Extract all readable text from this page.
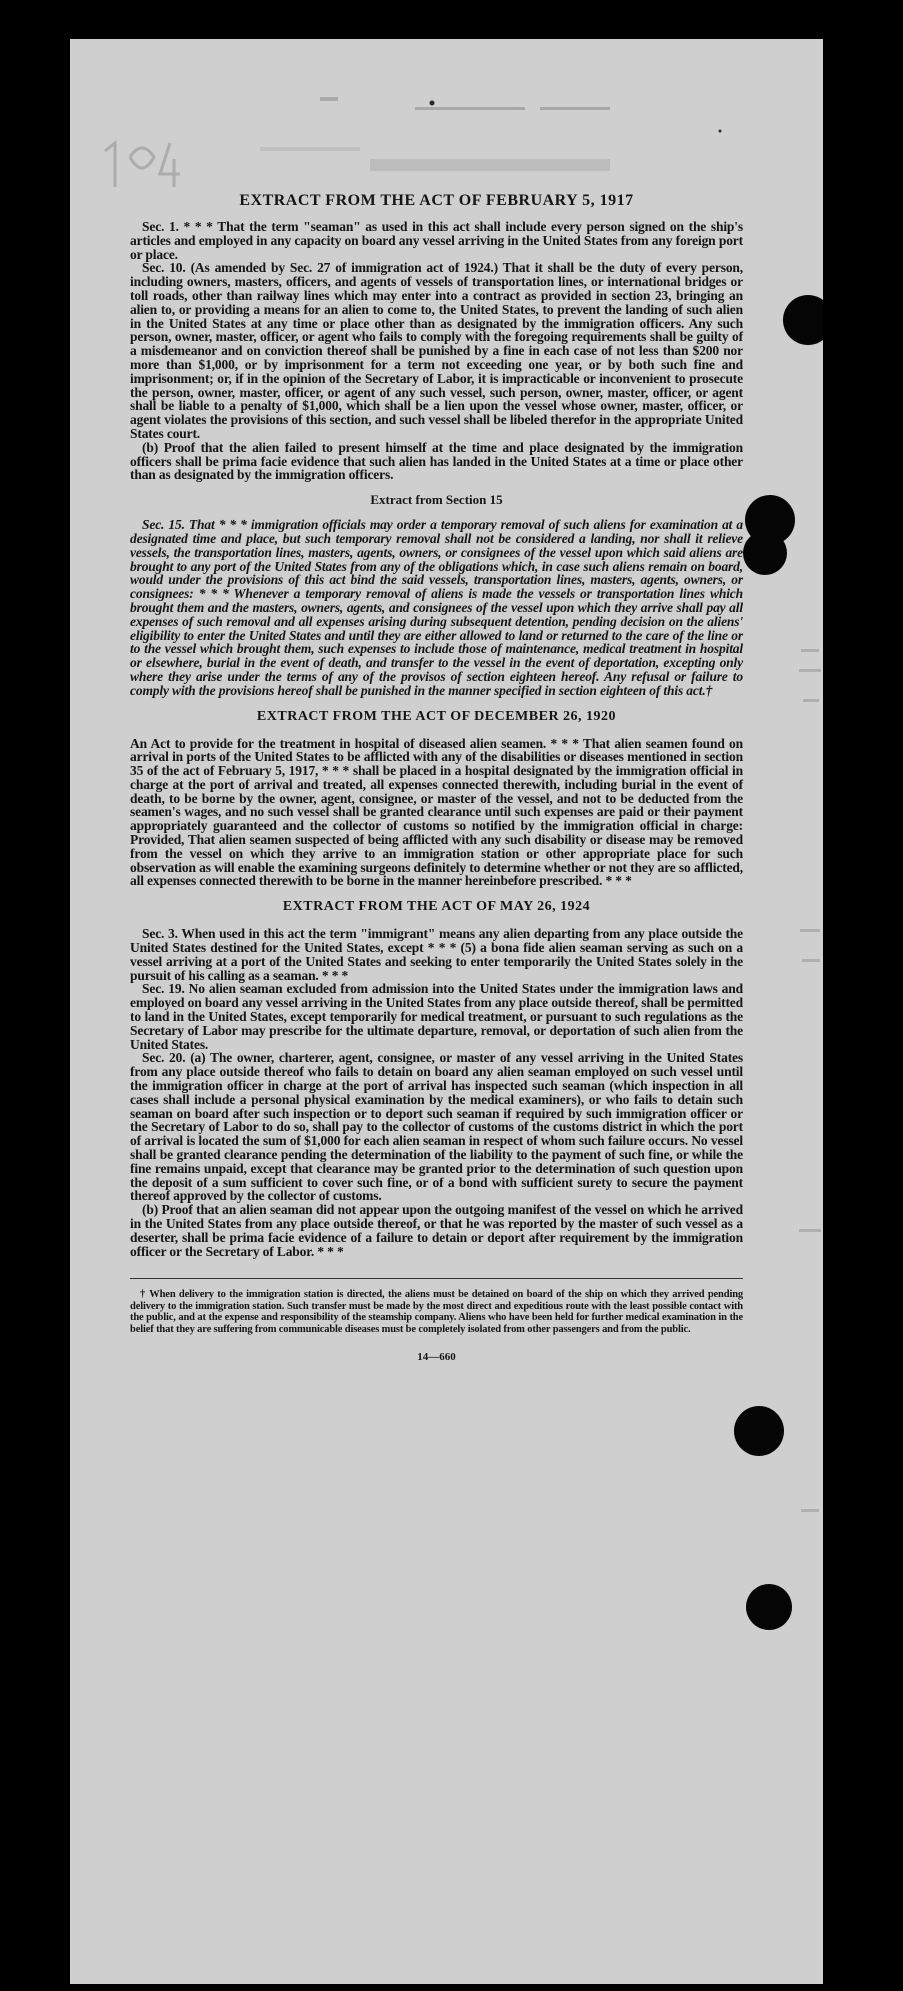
EXTRACT FROM THE ACT OF FEBRUARY 5, 1917

Sec. 1. * * * That the term "seaman" as used in this act shall include every person signed on the ship's articles and employed in any capacity on board any vessel arriving in the United States from any foreign port or place.

Sec. 10. (As amended by Sec. 27 of immigration act of 1924.) That it shall be the duty of every person, including owners, masters, officers, and agents of vessels of transportation lines, or international bridges or toll roads, other than railway lines which may enter into a contract as provided in section 23, bringing an alien to, or providing a means for an alien to come to, the United States, to prevent the landing of such alien in the United States at any time or place other than as designated by the immigration officers. Any such person, owner, master, officer, or agent who fails to comply with the foregoing requirements shall be guilty of a misdemeanor and on conviction thereof shall be punished by a fine in each case of not less than $200 nor more than $1,000, or by imprisonment for a term not exceeding one year, or by both such fine and imprisonment; or, if in the opinion of the Secretary of Labor, it is impracticable or inconvenient to prosecute the person, owner, master, officer, or agent of any such vessel, such person, owner, master, officer, or agent shall be liable to a penalty of $1,000, which shall be a lien upon the vessel whose owner, master, officer, or agent violates the provisions of this section, and such vessel shall be libeled therefor in the appropriate United States court.

(b) Proof that the alien failed to present himself at the time and place designated by the immigration officers shall be prima facie evidence that such alien has landed in the United States at a time or place other than as designated by the immigration officers.

Extract from Section 15

Sec. 15. That * * * immigration officials may order a temporary removal of such aliens for examination at a designated time and place, but such temporary removal shall not be considered a landing, nor shall it relieve vessels, the transportation lines, masters, agents, owners, or consignees of the vessel upon which said aliens are brought to any port of the United States from any of the obligations which, in case such aliens remain on board, would under the provisions of this act bind the said vessels, transportation lines, masters, agents, owners, or consignees: * * * Whenever a temporary removal of aliens is made the vessels or transportation lines which brought them and the masters, owners, agents, and consignees of the vessel upon which they arrive shall pay all expenses of such removal and all expenses arising during subsequent detention, pending decision on the aliens' eligibility to enter the United States and until they are either allowed to land or returned to the care of the line or to the vessel which brought them, such expenses to include those of maintenance, medical treatment in hospital or elsewhere, burial in the event of death, and transfer to the vessel in the event of deportation, excepting only where they arise under the terms of any of the provisos of section eighteen hereof. Any refusal or failure to comply with the provisions hereof shall be punished in the manner specified in section eighteen of this act.†

EXTRACT FROM THE ACT OF DECEMBER 26, 1920

An Act to provide for the treatment in hospital of diseased alien seamen. * * * That alien seamen found on arrival in ports of the United States to be afflicted with any of the disabilities or diseases mentioned in section 35 of the act of February 5, 1917, * * * shall be placed in a hospital designated by the immigration official in charge at the port of arrival and treated, all expenses connected therewith, including burial in the event of death, to be borne by the owner, agent, consignee, or master of the vessel, and not to be deducted from the seamen's wages, and no such vessel shall be granted clearance until such expenses are paid or their payment appropriately guaranteed and the collector of customs so notified by the immigration official in charge: Provided, That alien seamen suspected of being afflicted with any such disability or disease may be removed from the vessel on which they arrive to an immigration station or other appropriate place for such observation as will enable the examining surgeons definitely to determine whether or not they are so afflicted, all expenses connected therewith to be borne in the manner hereinbefore prescribed. * * *

EXTRACT FROM THE ACT OF MAY 26, 1924

Sec. 3. When used in this act the term "immigrant" means any alien departing from any place outside the United States destined for the United States, except * * * (5) a bona fide alien seaman serving as such on a vessel arriving at a port of the United States and seeking to enter temporarily the United States solely in the pursuit of his calling as a seaman. * * *

Sec. 19. No alien seaman excluded from admission into the United States under the immigration laws and employed on board any vessel arriving in the United States from any place outside thereof, shall be permitted to land in the United States, except temporarily for medical treatment, or pursuant to such regulations as the Secretary of Labor may prescribe for the ultimate departure, removal, or deportation of such alien from the United States.

Sec. 20. (a) The owner, charterer, agent, consignee, or master of any vessel arriving in the United States from any place outside thereof who fails to detain on board any alien seaman employed on such vessel until the immigration officer in charge at the port of arrival has inspected such seaman (which inspection in all cases shall include a personal physical examination by the medical examiners), or who fails to detain such seaman on board after such inspection or to deport such seaman if required by such immigration officer or the Secretary of Labor to do so, shall pay to the collector of customs of the customs district in which the port of arrival is located the sum of $1,000 for each alien seaman in respect of whom such failure occurs. No vessel shall be granted clearance pending the determination of the liability to the payment of such fine, or while the fine remains unpaid, except that clearance may be granted prior to the determination of such question upon the deposit of a sum sufficient to cover such fine, or of a bond with sufficient surety to secure the payment thereof approved by the collector of customs.

(b) Proof that an alien seaman did not appear upon the outgoing manifest of the vessel on which he arrived in the United States from any place outside thereof, or that he was reported by the master of such vessel as a deserter, shall be prima facie evidence of a failure to detain or deport after requirement by the immigration officer or the Secretary of Labor. * * *

† When delivery to the immigration station is directed, the aliens must be detained on board of the ship on which they arrived pending delivery to the immigration station. Such transfer must be made by the most direct and expeditious route with the least possible contact with the public, and at the expense and responsibility of the steamship company. Aliens who have been held for further medical examination in the belief that they are suffering from communicable diseases must be completely isolated from other passengers and from the public.

14—660
